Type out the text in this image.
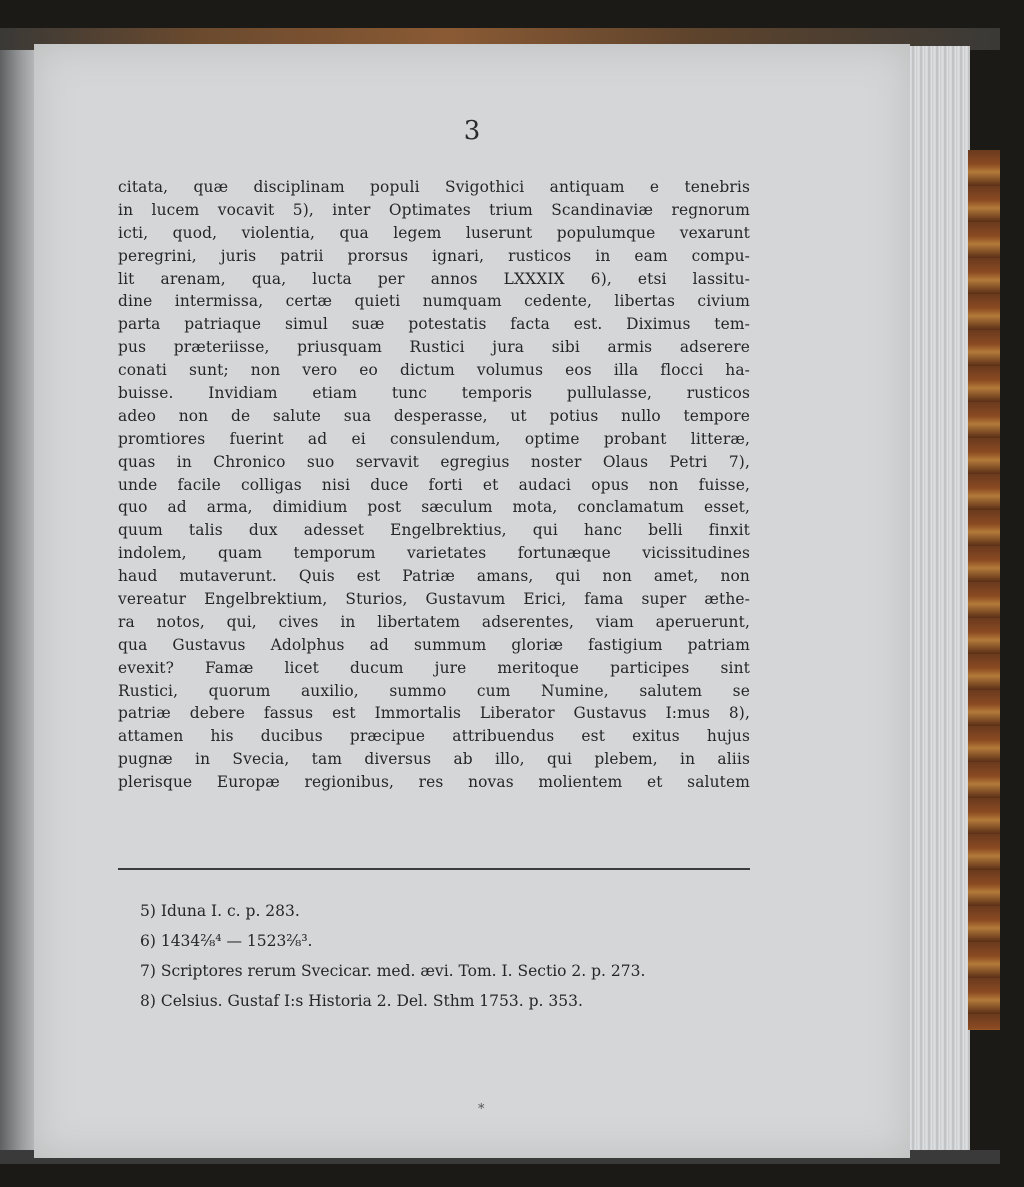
3
citata, quæ disciplinam populi Svigothici antiquam e tenebris
in lucem vocavit 5), inter Optimates trium Scandinaviæ regnorum
icti, quod, violentia, qua legem luserunt populumque vexarunt
peregrini, juris patrii prorsus ignari, rusticos in eam compu-
lit arenam, qua, lucta per annos LXXXIX 6), etsi lassitu-
dine intermissa, certæ quieti numquam cedente, libertas civium
parta patriaque simul suæ potestatis facta est. Diximus tem-
pus præteriisse, priusquam Rustici jura sibi armis adserere
conati sunt; non vero eo dictum volumus eos illa flocci ha-
buisse. Invidiam etiam tunc temporis pullulasse, rusticos
adeo non de salute sua desperasse, ut potius nullo tempore
promtiores fuerint ad ei consulendum, optime probant litteræ,
quas in Chronico suo servavit egregius noster Olaus Petri 7),
unde facile colligas nisi duce forti et audaci opus non fuisse,
quo ad arma, dimidium post sæculum mota, conclamatum esset,
quum talis dux adesset Engelbrektius, qui hanc belli finxit
indolem, quam temporum varietates fortunæque vicissitudines
haud mutaverunt. Quis est Patriæ amans, qui non amet, non
vereatur Engelbrektium, Sturios, Gustavum Erici, fama super æthe-
ra notos, qui, cives in libertatem adserentes, viam aperuerunt,
qua Gustavus Adolphus ad summum gloriæ fastigium patriam
evexit? Famæ licet ducum jure meritoque participes sint
Rustici, quorum auxilio, summo cum Numine, salutem se
patriæ debere fassus est Immortalis Liberator Gustavus I:mus 8),
attamen his ducibus præcipue attribuendus est exitus hujus
pugnæ in Svecia, tam diversus ab illo, qui plebem, in aliis
plerisque Europæ regionibus, res novas molientem et salutem
5) Iduna I. c. p. 283.
6) 1434²⁄₈⁴ — 1523²⁄₈³.
7) Scriptores rerum Svecicar. med. ævi. Tom. I. Sectio 2. p. 273.
8) Celsius. Gustaf I:s Historia 2. Del. Sthm 1753. p. 353.
*
